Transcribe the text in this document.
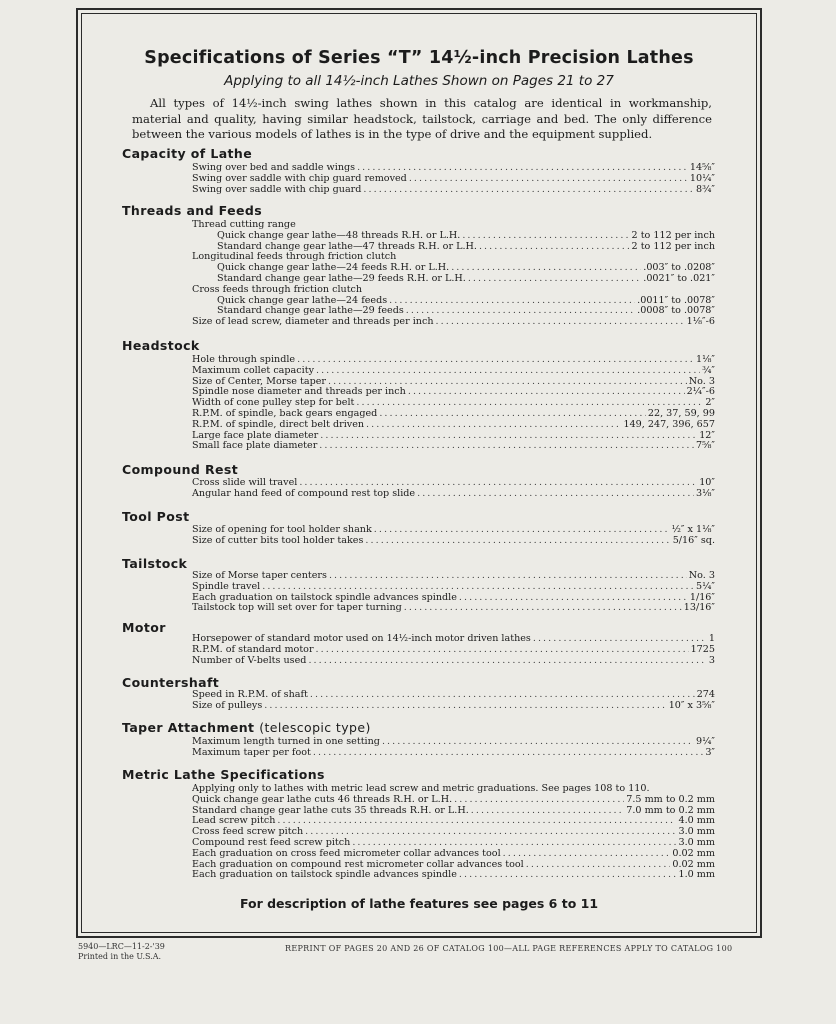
Specifications of Series “T” 14½-inch Precision Lathes
Applying to all 14½-inch Lathes Shown on Pages 21 to 27
All types of 14½-inch swing lathes shown in this catalog are identical in workmanship, material and quality, having similar headstock, tailstock, carriage and bed. The only difference between the various models of lathes is in the type of drive and the equipment supplied.
Capacity of Lathe
Swing over bed and saddle wings . . .	14⅝″
Swing over saddle with chip guard removed . . .	10¼″
Swing over saddle with chip guard . . .	8¾″
Threads and Feeds
Thread cutting range
Quick change gear lathe—48 threads R.H. or L.H. . . .	2 to 112 per inch
Standard change gear lathe—47 threads R.H. or L.H. . . .	2 to 112 per inch
Longitudinal feeds through friction clutch
Quick change gear lathe—24 feeds R.H. or L.H. . . .	.003″ to .0208″
Standard change gear lathe—29 feeds R.H. or L.H. . . .	.0021″ to .021″
Cross feeds through friction clutch
Quick change gear lathe—24 feeds . . .	.0011″ to .0078″
Standard change gear lathe—29 feeds . . .	.0008″ to .0078″
Size of lead screw, diameter and threads per inch . . .	1⅛″-6
Headstock
Hole through spindle . . .	1⅛″
Maximum collet capacity . . .	¾″
Size of Center, Morse taper . . .	No. 3
Spindle nose diameter and threads per inch . . .	2¼″-6
Width of cone pulley step for belt . . .	2″
R.P.M. of spindle, back gears engaged . . .	22, 37, 59, 99
R.P.M. of spindle, direct belt driven . . .	149, 247, 396, 657
Large face plate diameter . . .	12″
Small face plate diameter . . .	7⅝″
Compound Rest
Cross slide will travel . . .	10″
Angular hand feed of compound rest top slide . . .	3⅛″
Tool Post
Size of opening for tool holder shank . . .	½″ x 1⅛″
Size of cutter bits tool holder takes . . .	5/16″ sq.
Tailstock
Size of Morse taper centers . . .	No. 3
Spindle travel . . .	5¼″
Each graduation on tailstock spindle advances spindle . . .	1/16″
Tailstock top will set over for taper turning . . .	13/16″
Motor
Horsepower of standard motor used on 14½-inch motor driven lathes . . .	1
R.P.M. of standard motor . . .	1725
Number of V-belts used . . .	3
Countershaft
Speed in R.P.M. of shaft . . .	274
Size of pulleys . . .	10″ x 3⅝″
Taper Attachment (telescopic type)
Maximum length turned in one setting . . .	9¼″
Maximum taper per foot . . .	3″
Metric Lathe Specifications
Applying only to lathes with metric lead screw and metric graduations. See pages 108 to 110.
Quick change gear lathe cuts 46 threads R.H. or L.H. . . .	7.5 mm to 0.2 mm
Standard change gear lathe cuts 35 threads R.H. or L.H. . . .	7.0 mm to 0.2 mm
Lead screw pitch . . .	4.0 mm
Cross feed screw pitch . . .	3.0 mm
Compound rest feed screw pitch . . .	3.0 mm
Each graduation on cross feed micrometer collar advances tool . . .	0.02 mm
Each graduation on compound rest micrometer collar advances tool . . .	0.02 mm
Each graduation on tailstock spindle advances spindle . . .	1.0 mm
For description of lathe features see pages 6 to 11
5940—LRC—11-2-'39
Printed in the U.S.A.
REPRINT OF PAGES 20 AND 26 OF CATALOG 100—ALL PAGE REFERENCES APPLY TO CATALOG 100
